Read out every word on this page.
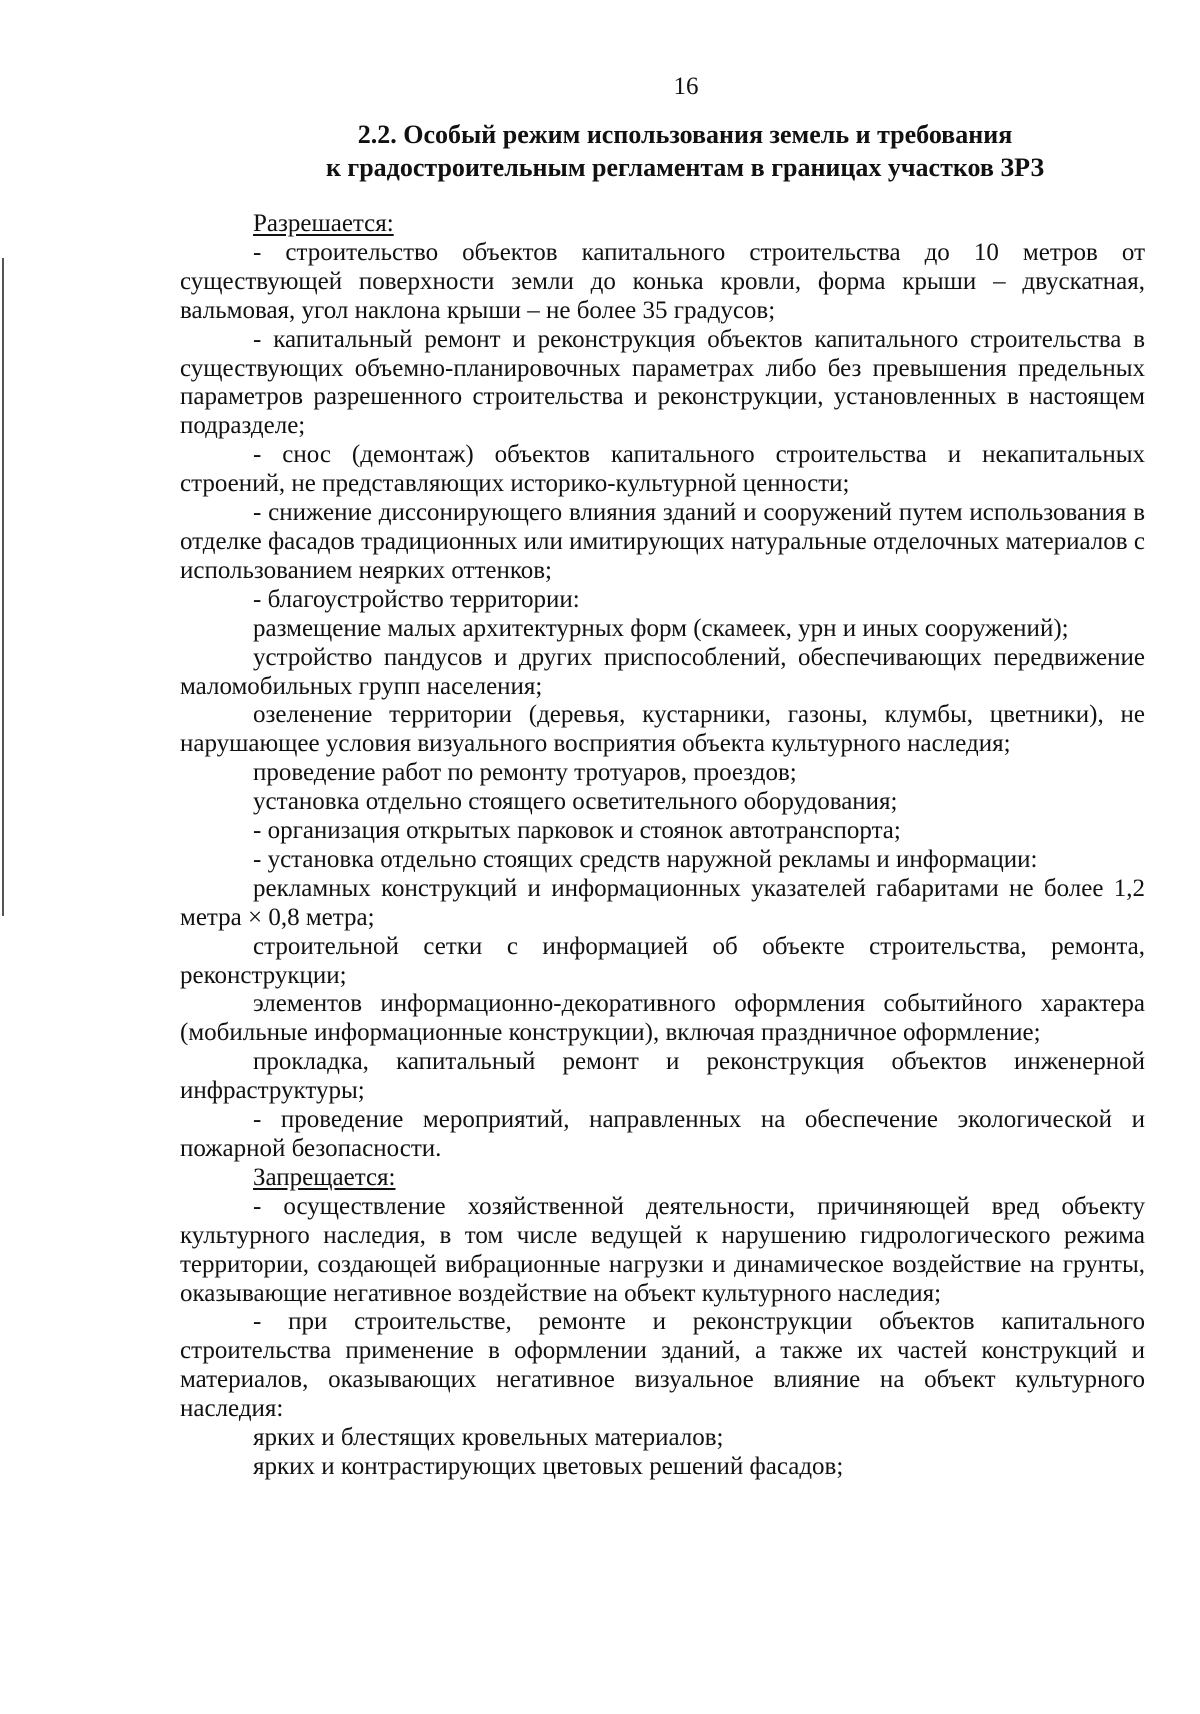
16
2.2. Особый режим использования земель и требования
к градостроительным регламентам в границах участков ЗРЗ

Разрешается:

- строительство объектов капитального строительства до 10 метров от существующей поверхности земли до конька кровли, форма крыши – двускатная, вальмовая, угол наклона крыши – не более 35 градусов;

- капитальный ремонт и реконструкция объектов капитального строительства в существующих объемно-планировочных параметрах либо без превышения предельных параметров разрешенного строительства и реконструкции, установленных в настоящем подразделе;

- снос (демонтаж) объектов капитального строительства и некапитальных строений, не представляющих историко-культурной ценности;

- снижение диссонирующего влияния зданий и сооружений путем использования в отделке фасадов традиционных или имитирующих натуральные отделочных материалов с использованием неярких оттенков;

- благоустройство территории:

размещение малых архитектурных форм (скамеек, урн и иных сооружений);

устройство пандусов и других приспособлений, обеспечивающих передвижение маломобильных групп населения;

озеленение территории (деревья, кустарники, газоны, клумбы, цветники), не нарушающее условия визуального восприятия объекта культурного наследия;

проведение работ по ремонту тротуаров, проездов;

установка отдельно стоящего осветительного оборудования;

- организация открытых парковок и стоянок автотранспорта;

- установка отдельно стоящих средств наружной рекламы и информации:

рекламных конструкций и информационных указателей габаритами не более 1,2 метра × 0,8 метра;

строительной сетки с информацией об объекте строительства, ремонта, реконструкции;

элементов информационно-декоративного оформления событийного характера (мобильные информационные конструкции), включая праздничное оформление;

прокладка, капитальный ремонт и реконструкция объектов инженерной инфраструктуры;

- проведение мероприятий, направленных на обеспечение экологической и пожарной безопасности.

Запрещается:

- осуществление хозяйственной деятельности, причиняющей вред объекту культурного наследия, в том числе ведущей к нарушению гидрологического режима территории, создающей вибрационные нагрузки и динамическое воздействие на грунты, оказывающие негативное воздействие на объект культурного наследия;

- при строительстве, ремонте и реконструкции объектов капитального строительства применение в оформлении зданий, а также их частей конструкций и материалов, оказывающих негативное визуальное влияние на объект культурного наследия:

ярких и блестящих кровельных материалов;

ярких и контрастирующих цветовых решений фасадов;
